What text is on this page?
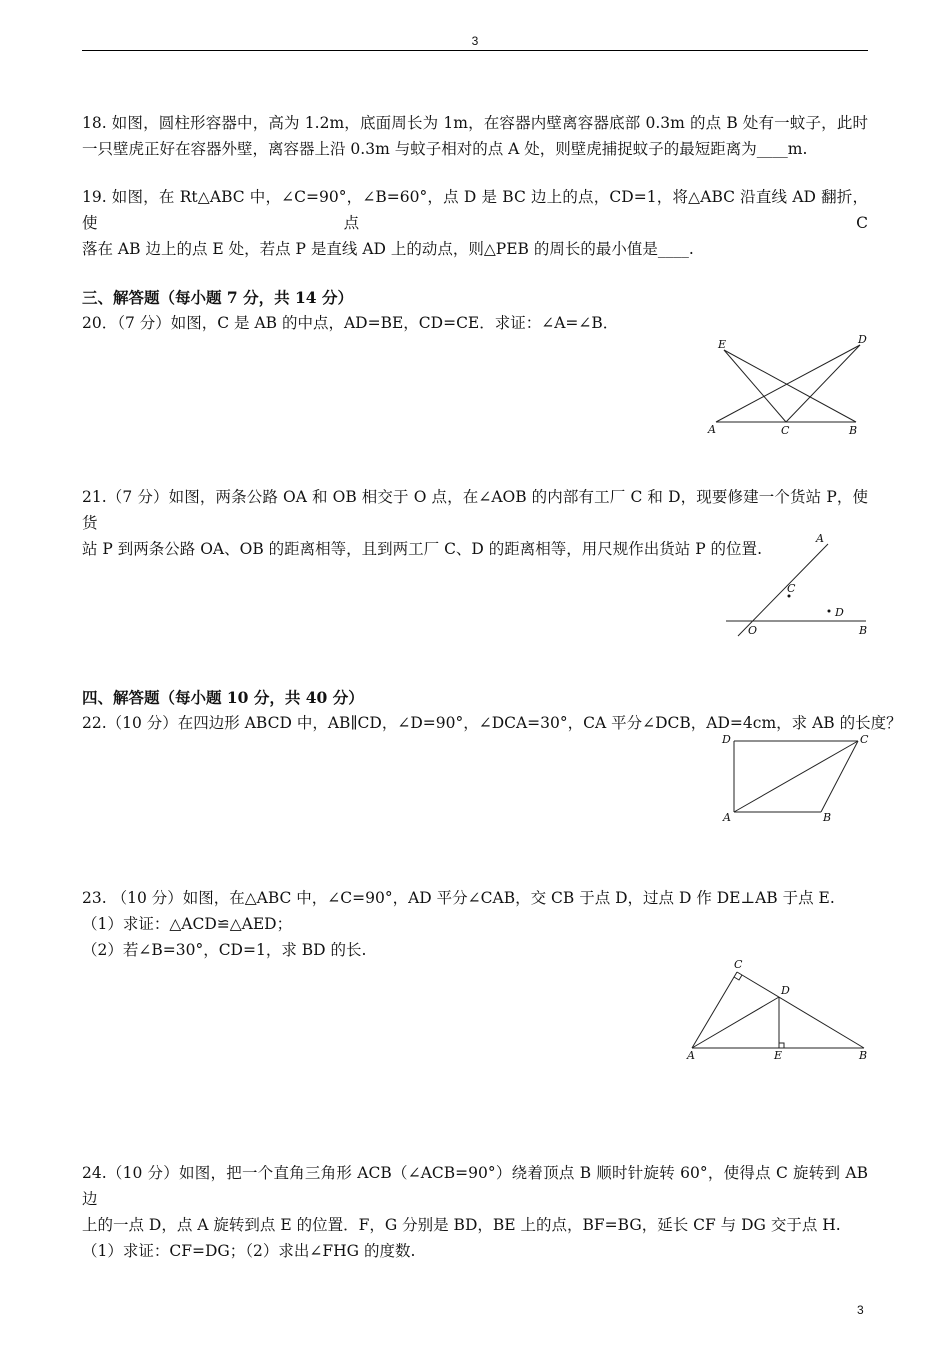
3
18. 如图，圆柱形容器中，高为 1.2m，底面周长为 1m，在容器内壁离容器底部 0.3m 的点 B 处有一蚊子，此时
一只壁虎正好在容器外壁，离容器上沿 0.3m 与蚊子相对的点 A 处，则壁虎捕捉蚊子的最短距离为____m.
19. 如图，在 Rt△ABC 中，∠C=90°，∠B=60°，点 D 是 BC 边上的点，CD=1，将△ABC 沿直线 AD 翻折，使点 C
落在 AB 边上的点 E 处，若点 P 是直线 AD 上的动点，则△PEB 的周长的最小值是____.
三、解答题（每小题 7 分，共 14 分）
20．（7 分）如图，C 是 AB 的中点，AD=BE，CD=CE．求证：∠A=∠B．
E	D
A	C	B
21.（7 分）如图，两条公路 OA 和 OB 相交于 O 点，在∠AOB 的内部有工厂 C 和 D，现要修建一个货站 P，使货
站 P 到两条公路 OA、OB 的距离相等，且到两工厂 C、D 的距离相等，用尺规作出货站 P 的位置.
A
C
D
O	B
四、解答题（每小题 10 分，共 40 分）
22.（10 分）在四边形 ABCD 中，AB∥CD，∠D=90°，∠DCA=30°，CA 平分∠DCB，AD=4cm，求 AB 的长度？
D	C
A	B
23. （10 分）如图，在△ABC 中，∠C=90°，AD 平分∠CAB，交 CB 于点 D，过点 D 作 DE⊥AB 于点 E.
（1）求证：△ACD≌△AED；
（2）若∠B=30°，CD=1，求 BD 的长.
C
D
A	E	B
24.（10 分）如图，把一个直角三角形 ACB（∠ACB=90°）绕着顶点 B 顺时针旋转 60°，使得点 C 旋转到 AB 边
上的一点 D，点 A 旋转到点 E 的位置．F，G 分别是 BD，BE 上的点，BF=BG，延长 CF 与 DG 交于点 H.
（1）求证：CF=DG；（2）求出∠FHG 的度数.
3
